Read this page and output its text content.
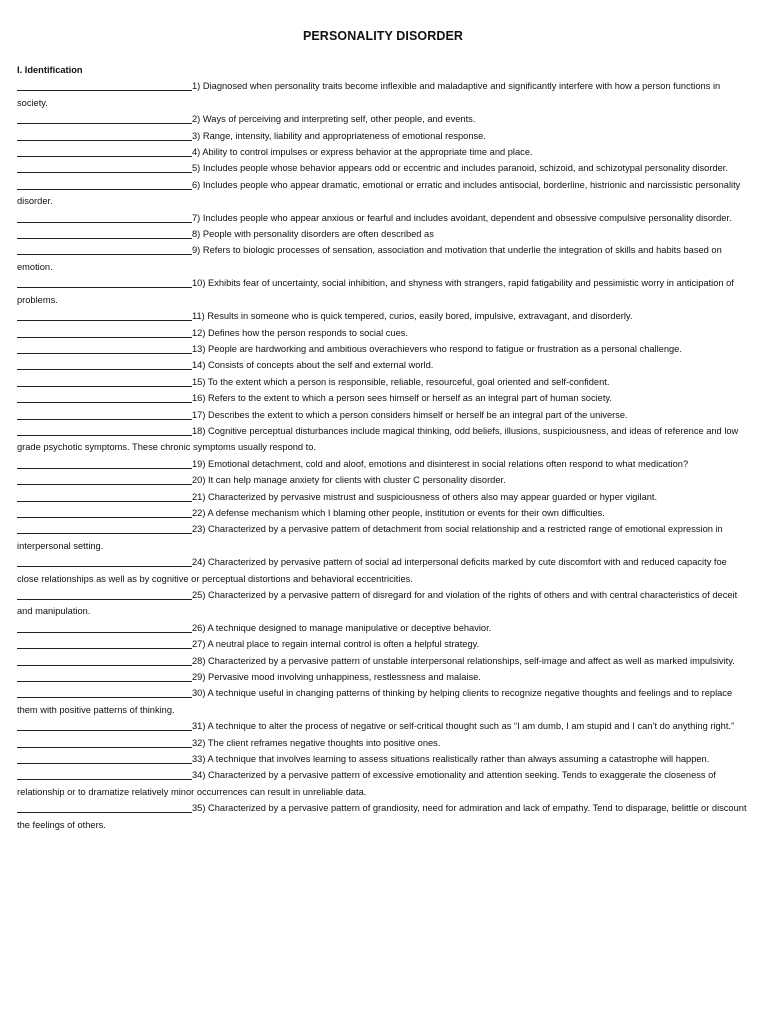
PERSONALITY DISORDER
I. Identification

1) Diagnosed when personality traits become inflexible and maladaptive and significantly interfere with how a person functions in society.

2) Ways of perceiving and interpreting self, other people, and events.

3) Range, intensity, liability and appropriateness of emotional response.

4) Ability to control impulses or express behavior at the appropriate time and place.

5) Includes people whose behavior appears odd or eccentric and includes paranoid, schizoid, and schizotypal personality disorder.

6) Includes people who appear dramatic, emotional or erratic and includes antisocial, borderline, histrionic and narcissistic personality disorder.

7) Includes people who appear anxious or fearful and includes avoidant, dependent and obsessive compulsive personality disorder.

8) People with personality disorders are often described as

9) Refers to biologic processes of sensation, association and motivation that underlie the integration of skills and habits based on emotion.

10) Exhibits fear of uncertainty, social inhibition, and shyness with strangers, rapid fatigability and pessimistic worry in anticipation of problems.

11) Results in someone who is quick tempered, curios, easily bored, impulsive, extravagant, and disorderly.

12) Defines how the person responds to social cues.

13) People are hardworking and ambitious overachievers who respond to fatigue or frustration as a personal challenge.

14) Consists of concepts about the self and external world.

15) To the extent which a person is responsible, reliable, resourceful, goal oriented and self-confident.

16) Refers to the extent to which a person sees himself or herself as an integral part of human society.

17) Describes the extent to which a person considers himself or herself be an integral part of the universe.

18) Cognitive perceptual disturbances include magical thinking, odd beliefs, illusions, suspiciousness, and ideas of reference and low grade psychotic symptoms. These chronic symptoms usually respond to.

19) Emotional detachment, cold and aloof, emotions and disinterest in social relations often respond to what medication?

20) It can help manage anxiety for clients with cluster C personality disorder.

21) Characterized by pervasive mistrust and suspiciousness of others also may appear guarded or hyper vigilant.

22) A defense mechanism which I blaming other people, institution or events for their own difficulties.

23) Characterized by a pervasive pattern of detachment from social relationship and a restricted range of emotional expression in interpersonal setting.

24) Characterized by pervasive pattern of social ad interpersonal deficits marked by cute discomfort with and reduced capacity foe close relationships as well as by cognitive or perceptual distortions and behavioral eccentricities.

25) Characterized by a pervasive pattern of disregard for and violation of the rights of others and with central characteristics of deceit and manipulation.

26) A technique designed to manage manipulative or deceptive behavior.

27) A neutral place to regain internal control is often a helpful strategy.

28) Characterized by a pervasive pattern of unstable interpersonal relationships, self-image and affect as well as marked impulsivity.

29) Pervasive mood involving unhappiness, restlessness and malaise.

30) A technique useful in changing patterns of thinking by helping clients to recognize negative thoughts and feelings and to replace them with positive patterns of thinking.

31) A technique to alter the process of negative or self-critical thought such as “I am dumb, I am stupid and I can’t do anything right.”

32) The client reframes negative thoughts into positive ones.

33) A technique that involves learning to assess situations realistically rather than always assuming a catastrophe will happen.

34) Characterized by a pervasive pattern of excessive emotionality and attention seeking. Tends to exaggerate the closeness of relationship or to dramatize relatively minor occurrences can result in unreliable data.

35) Characterized by a pervasive pattern of grandiosity, need for admiration and lack of empathy. Tend to disparage, belittle or discount the feelings of others.
